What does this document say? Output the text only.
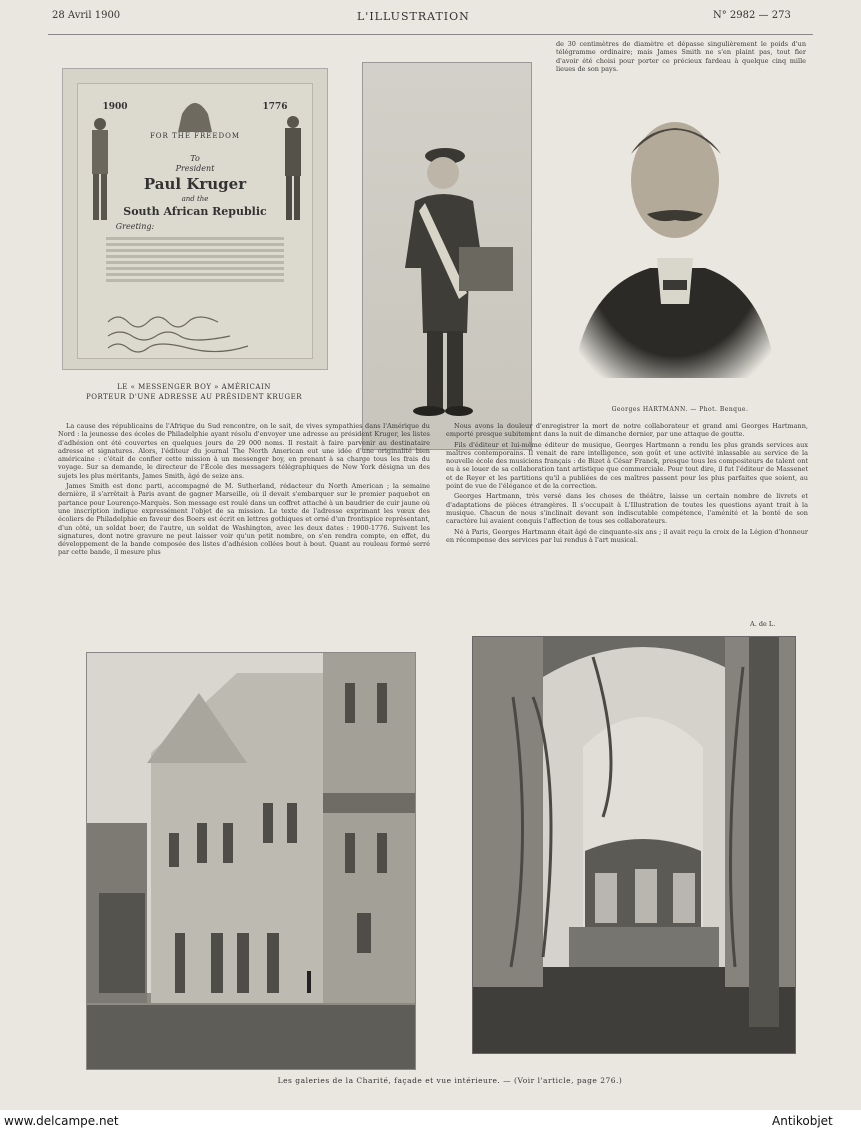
28 Avril 1900	L'ILLUSTRATION	N° 2982 — 273
1900	1776
FOR THE FREEDOM
To
President
Paul Kruger
and the
South African Republic
Greeting:
LE « MESSENGER BOY » AMÉRICAIN
PORTEUR D'UNE ADRESSE AU PRÉSIDENT KRUGER
de 30 centimètres de diamètre et dépasse singulièrement le poids d'un télégramme ordinaire; mais James Smith ne s'en plaint pas, tout fier d'avoir été choisi pour porter ce précieux fardeau à quelque cinq mille lieues de son pays.
Georges HARTMANN. — Phot. Benque.

La cause des républicains de l'Afrique du Sud rencontre, on le sait, de vives sympathies dans l'Amérique du Nord : la jeunesse des écoles de Philadelphie ayant résolu d'envoyer une adresse au président Kruger, les listes d'adhésion ont été couvertes en quelques jours de 29 000 noms. Il restait à faire parvenir au destinataire adresse et signatures. Alors, l'éditeur du journal The North American eut une idée d'une originalité bien américaine : c'était de confier cette mission à un messenger boy, en prenant à sa charge tous les frais du voyage. Sur sa demande, le directeur de l'École des messagers télégraphiques de New York désigna un des sujets les plus méritants, James Smith, âgé de seize ans.

James Smith est donc parti, accompagné de M. Sutherland, rédacteur du North American ; la semaine dernière, il s'arrêtait à Paris avant de gagner Marseille, où il devait s'embarquer sur le premier paquebot en partance pour Lourenço-Marquès. Son message est roulé dans un coffret attaché à un baudrier de cuir jaune où une inscription indique expressément l'objet de sa mission. Le texte de l'adresse exprimant les vœux des écoliers de Philadelphie en faveur des Boers est écrit en lettres gothiques et orné d'un frontispice représentant, d'un côté, un soldat boer, de l'autre, un soldat de Washington, avec les deux dates : 1900-1776. Suivent les signatures, dont notre gravure ne peut laisser voir qu'un petit nombre, on s'en rendra compte, en effet, du développement de la bande composée des listes d'adhésion collées bout à bout. Quant au rouleau formé serré par cette bande, il mesure plus

Nous avons la douleur d'enregistrer la mort de notre collaborateur et grand ami Georges Hartmann, emporté presque subitement dans la nuit de dimanche dernier, par une attaque de goutte.

Fils d'éditeur et lui-même éditeur de musique, Georges Hartmann a rendu les plus grands services aux maîtres contemporains. Il venait de rare intelligence, son goût et une activité inlassable au service de la nouvelle école des musiciens français : de Bizet à César Franck, presque tous les compositeurs de talent ont eu à se louer de sa collaboration tant artistique que commerciale. Pour tout dire, il fut l'éditeur de Massenet et de Reyer et les partitions qu'il a publiées de ces maîtres passent pour les plus parfaites que soient, au point de vue de l'élégance et de la correction.

Georges Hartmann, très versé dans les choses de théâtre, laisse un certain nombre de livrets et d'adaptations de pièces étrangères. Il s'occupait à L'Illustration de toutes les questions ayant trait à la musique. Chacun de nous s'inclinait devant son indiscutable compétence, l'aménité et la bonté de son caractère lui avaient conquis l'affection de tous ses collaborateurs.

Né à Paris, Georges Hartmann était âgé de cinquante-six ans ; il avait reçu la croix de la Légion d'honneur en récompense des services par lui rendus à l'art musical.

A. de L.
Les galeries de la Charité, façade et vue intérieure. — (Voir l'article, page 276.)
www.delcampe.net	Antikobjet
